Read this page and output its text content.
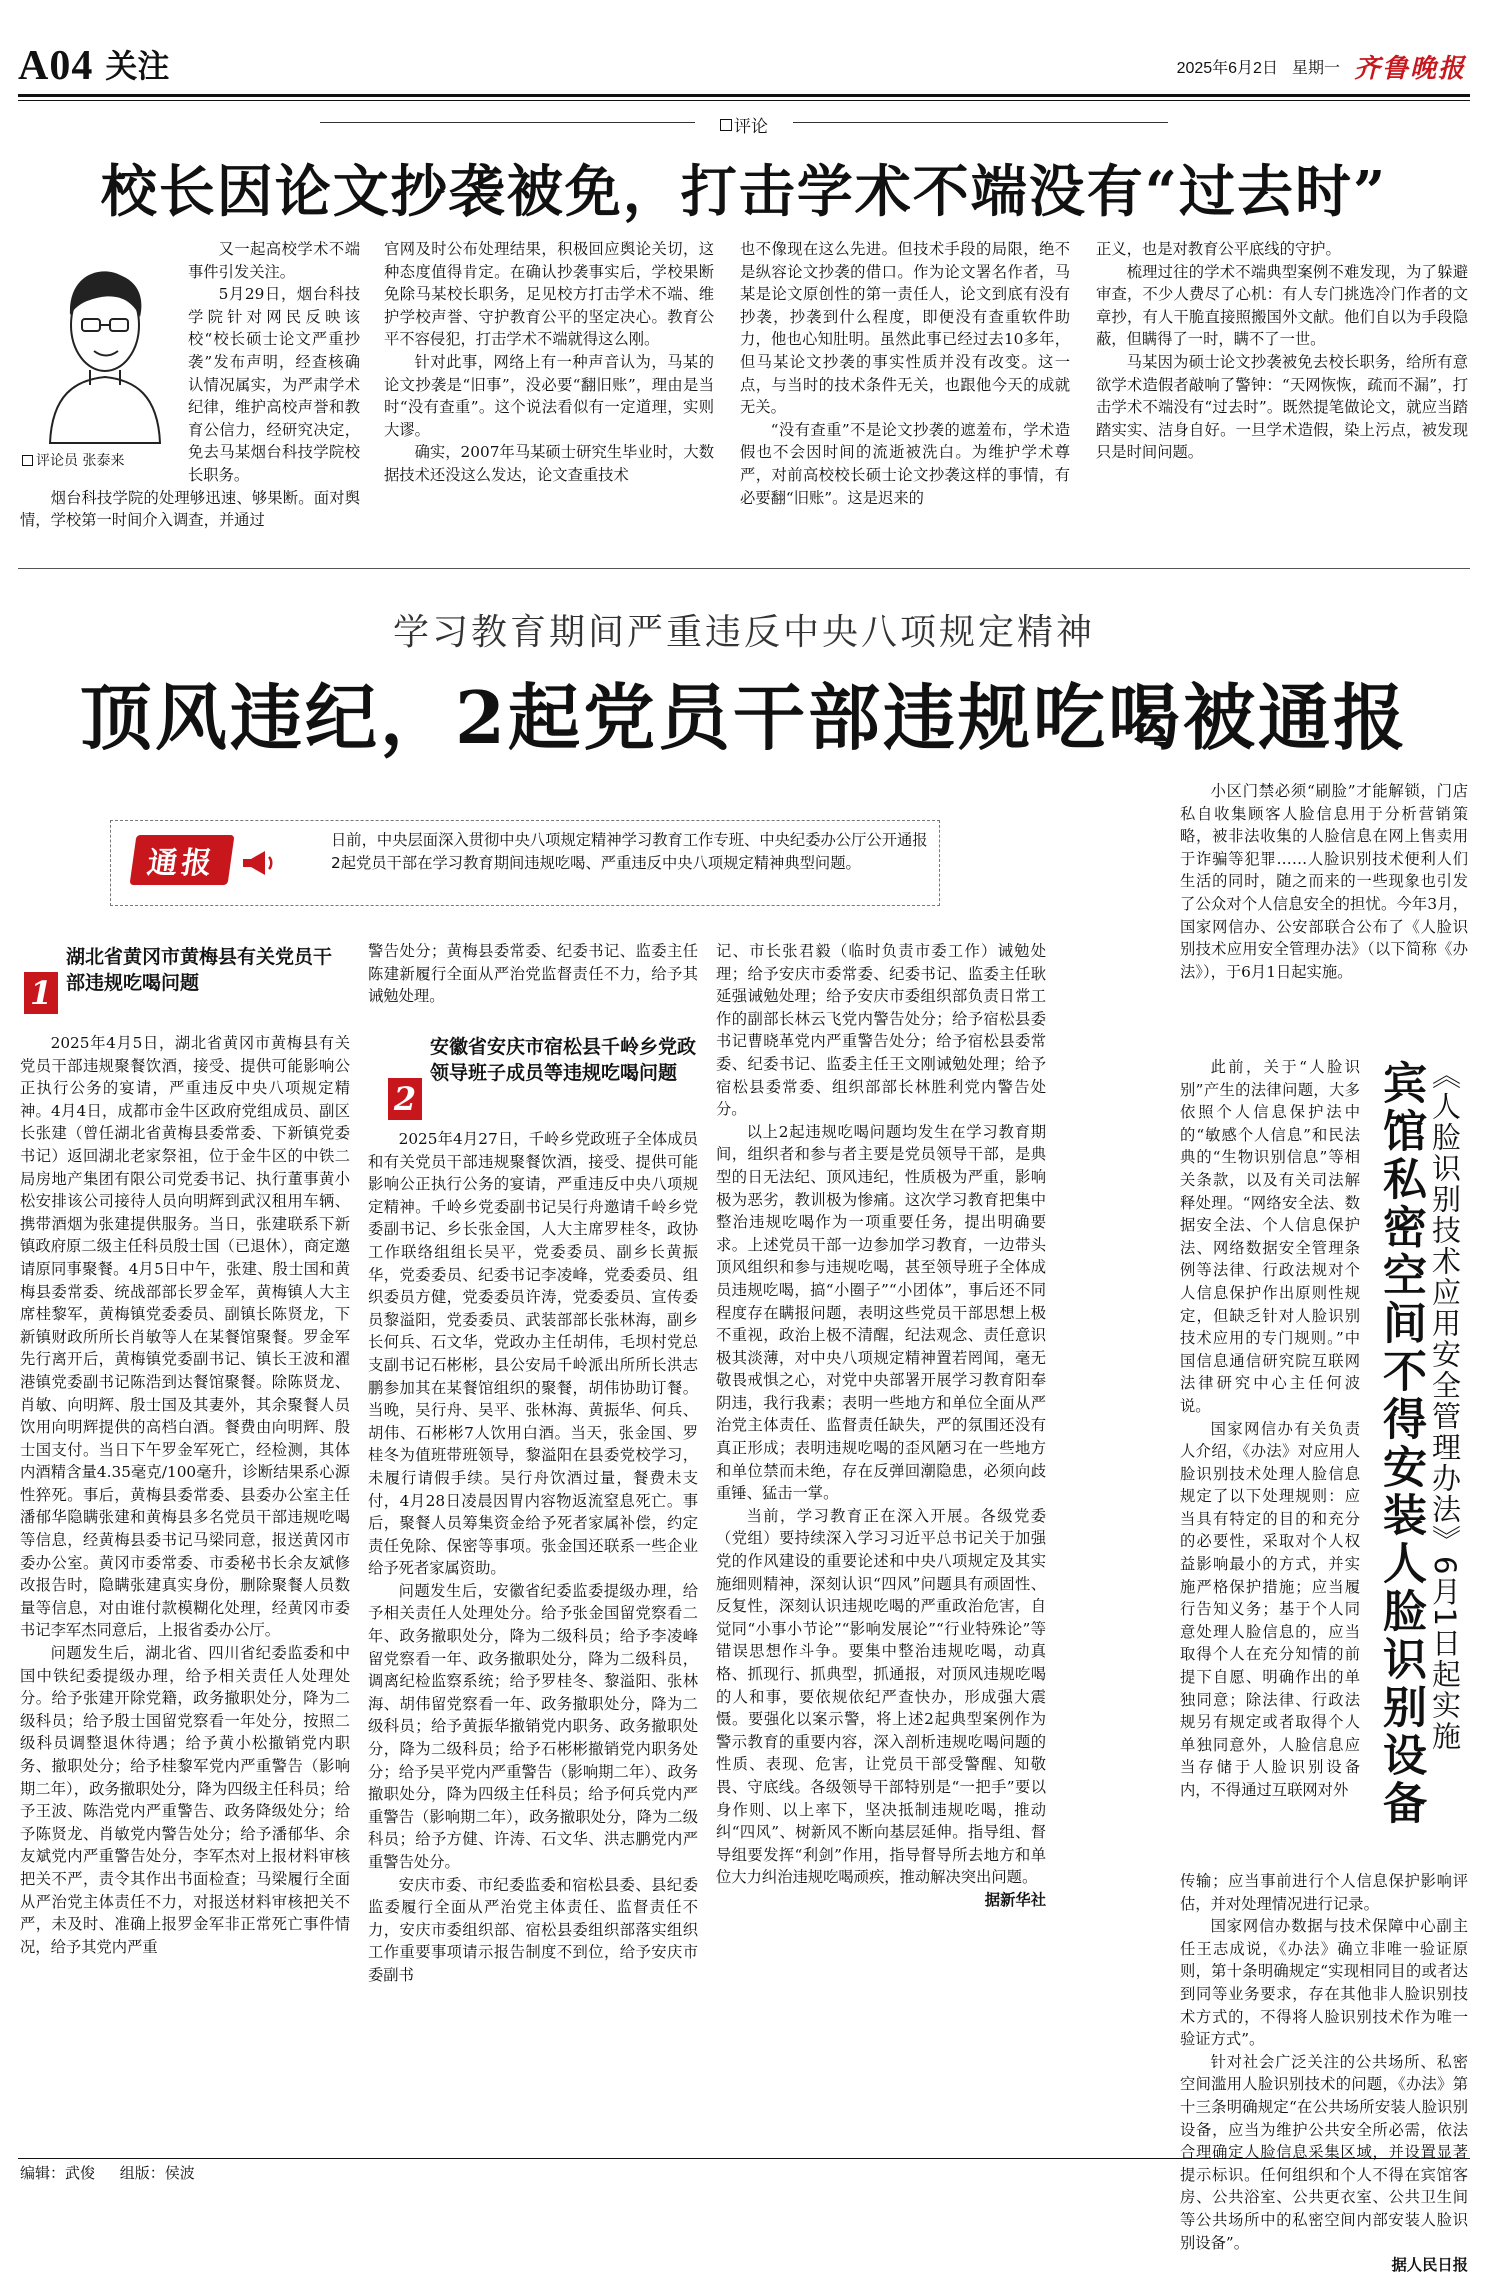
A04 关注	2025年6月2日 星期一 齐鲁晚报
评论
校长因论文抄袭被免，打击学术不端没有“过去时”
评论员 张泰来

又一起高校学术不端事件引发关注。

5月29日，烟台科技学院针对网民反映该校“校长硕士论文严重抄袭”发布声明，经查核确认情况属实，为严肃学术纪律，维护高校声誉和教育公信力，经研究决定，免去马某烟台科技学院校长职务。

烟台科技学院的处理够迅速、够果断。面对舆情，学校第一时间介入调查，并通过

官网及时公布处理结果，积极回应舆论关切，这种态度值得肯定。在确认抄袭事实后，学校果断免除马某校长职务，足见校方打击学术不端、维护学校声誉、守护教育公平的坚定决心。教育公平不容侵犯，打击学术不端就得这么刚。

针对此事，网络上有一种声音认为，马某的论文抄袭是“旧事”，没必要“翻旧账”，理由是当时“没有查重”。这个说法看似有一定道理，实则大谬。

确实，2007年马某硕士研究生毕业时，大数据技术还没这么发达，论文查重技术

也不像现在这么先进。但技术手段的局限，绝不是纵容论文抄袭的借口。作为论文署名作者，马某是论文原创性的第一责任人，论文到底有没有抄袭，抄袭到什么程度，即便没有查重软件助力，他也心知肚明。虽然此事已经过去10多年，但马某论文抄袭的事实性质并没有改变。这一点，与当时的技术条件无关，也跟他今天的成就无关。

“没有查重”不是论文抄袭的遮羞布，学术造假也不会因时间的流逝被洗白。为维护学术尊严，对前高校校长硕士论文抄袭这样的事情，有必要翻“旧账”。这是迟来的

正义，也是对教育公平底线的守护。

梳理过往的学术不端典型案例不难发现，为了躲避审查，不少人费尽了心机：有人专门挑选冷门作者的文章抄，有人干脆直接照搬国外文献。他们自以为手段隐蔽，但瞒得了一时，瞒不了一世。

马某因为硕士论文抄袭被免去校长职务，给所有意欲学术造假者敲响了警钟：“天网恢恢，疏而不漏”，打击学术不端没有“过去时”。既然提笔做论文，就应当踏踏实实、洁身自好。一旦学术造假，染上污点，被发现只是时间问题。

学习教育期间严重违反中央八项规定精神
顶风违纪，2起党员干部违规吃喝被通报
通报
日前，中央层面深入贯彻中央八项规定精神学习教育工作专班、中央纪委办公厅公开通报2起党员干部在学习教育期间违规吃喝、严重违反中央八项规定精神典型问题。
1
湖北省黄冈市黄梅县有关党员干部违规吃喝问题

2025年4月5日，湖北省黄冈市黄梅县有关党员干部违规聚餐饮酒，接受、提供可能影响公正执行公务的宴请，严重违反中央八项规定精神。4月4日，成都市金牛区政府党组成员、副区长张建（曾任湖北省黄梅县委常委、下新镇党委书记）返回湖北老家祭祖，位于金牛区的中铁二局房地产集团有限公司党委书记、执行董事黄小松安排该公司接待人员向明辉到武汉租用车辆、携带酒烟为张建提供服务。当日，张建联系下新镇政府原二级主任科员殷士国（已退休），商定邀请原同事聚餐。4月5日中午，张建、殷士国和黄梅县委常委、统战部部长罗金军，黄梅镇人大主席桂黎军，黄梅镇党委委员、副镇长陈贤龙，下新镇财政所所长肖敏等人在某餐馆聚餐。罗金军先行离开后，黄梅镇党委副书记、镇长王波和濯港镇党委副书记陈浩到达餐馆聚餐。除陈贤龙、肖敏、向明辉、殷士国及其妻外，其余聚餐人员饮用向明辉提供的高档白酒。餐费由向明辉、殷士国支付。当日下午罗金军死亡，经检测，其体内酒精含量4.35毫克/100毫升，诊断结果系心源性猝死。事后，黄梅县委常委、县委办公室主任潘郁华隐瞒张建和黄梅县多名党员干部违规吃喝等信息，经黄梅县委书记马梁同意，报送黄冈市委办公室。黄冈市委常委、市委秘书长余友斌修改报告时，隐瞒张建真实身份，删除聚餐人员数量等信息，对由谁付款模糊化处理，经黄冈市委书记李军杰同意后，上报省委办公厅。

问题发生后，湖北省、四川省纪委监委和中国中铁纪委提级办理，给予相关责任人处理处分。给予张建开除党籍，政务撤职处分，降为二级科员；给予殷士国留党察看一年处分，按照二级科员调整退休待遇；给予黄小松撤销党内职务、撤职处分；给予桂黎军党内严重警告（影响期二年），政务撤职处分，降为四级主任科员；给予王波、陈浩党内严重警告、政务降级处分；给予陈贤龙、肖敏党内警告处分；给予潘郁华、余友斌党内严重警告处分，李军杰对上报材料审核把关不严，责令其作出书面检查；马梁履行全面从严治党主体责任不力，对报送材料审核把关不严，未及时、准确上报罗金军非正常死亡事件情况，给予其党内严重

警告处分；黄梅县委常委、纪委书记、监委主任陈建新履行全面从严治党监督责任不力，给予其诫勉处理。

2
安徽省安庆市宿松县千岭乡党政领导班子成员等违规吃喝问题

2025年4月27日，千岭乡党政班子全体成员和有关党员干部违规聚餐饮酒，接受、提供可能影响公正执行公务的宴请，严重违反中央八项规定精神。千岭乡党委副书记吴行舟邀请千岭乡党委副书记、乡长张金国，人大主席罗桂冬，政协工作联络组组长吴平，党委委员、副乡长黄振华，党委委员、纪委书记李凌峰，党委委员、组织委员方健，党委委员许涛，党委委员、宣传委员黎溢阳，党委委员、武装部部长张林海，副乡长何兵、石文华，党政办主任胡伟，毛坝村党总支副书记石彬彬，县公安局千岭派出所所长洪志鹏参加其在某餐馆组织的聚餐，胡伟协助订餐。当晚，吴行舟、吴平、张林海、黄振华、何兵、胡伟、石彬彬7人饮用白酒。当天，张金国、罗桂冬为值班带班领导，黎溢阳在县委党校学习，未履行请假手续。吴行舟饮酒过量，餐费未支付，4月28日凌晨因胃内容物返流窒息死亡。事后，聚餐人员筹集资金给予死者家属补偿，约定责任免除、保密等事项。张金国还联系一些企业给予死者家属资助。

问题发生后，安徽省纪委监委提级办理，给予相关责任人处理处分。给予张金国留党察看二年、政务撤职处分，降为二级科员；给予李凌峰留党察看一年、政务撤职处分，降为二级科员，调离纪检监察系统；给予罗桂冬、黎溢阳、张林海、胡伟留党察看一年、政务撤职处分，降为二级科员；给予黄振华撤销党内职务、政务撤职处分，降为二级科员；给予石彬彬撤销党内职务处分；给予吴平党内严重警告（影响期二年）、政务撤职处分，降为四级主任科员；给予何兵党内严重警告（影响期二年），政务撤职处分，降为二级科员；给予方健、许涛、石文华、洪志鹏党内严重警告处分。

安庆市委、市纪委监委和宿松县委、县纪委监委履行全面从严治党主体责任、监督责任不力，安庆市委组织部、宿松县委组织部落实组织工作重要事项请示报告制度不到位，给予安庆市委副书

记、市长张君毅（临时负责市委工作）诫勉处理；给予安庆市委常委、纪委书记、监委主任耿延强诫勉处理；给予安庆市委组织部负责日常工作的副部长林云飞党内警告处分；给予宿松县委书记曹晓革党内严重警告处分；给予宿松县委常委、纪委书记、监委主任王文刚诫勉处理；给予宿松县委常委、组织部部长林胜利党内警告处分。

以上2起违规吃喝问题均发生在学习教育期间，组织者和参与者主要是党员领导干部，是典型的日无法纪、顶风违纪，性质极为严重，影响极为恶劣，教训极为惨痛。这次学习教育把集中整治违规吃喝作为一项重要任务，提出明确要求。上述党员干部一边参加学习教育，一边带头顶风组织和参与违规吃喝，甚至领导班子全体成员违规吃喝，搞“小圈子”“小团体”，事后还不同程度存在瞒报问题，表明这些党员干部思想上极不重视，政治上极不清醒，纪法观念、责任意识极其淡薄，对中央八项规定精神置若罔闻，毫无敬畏戒惧之心，对党中央部署开展学习教育阳奉阴违，我行我素；表明一些地方和单位全面从严治党主体责任、监督责任缺失，严的氛围还没有真正形成；表明违规吃喝的歪风陋习在一些地方和单位禁而未绝，存在反弹回潮隐患，必须向歧重锤、猛击一掌。

当前，学习教育正在深入开展。各级党委（党组）要持续深入学习习近平总书记关于加强党的作风建设的重要论述和中央八项规定及其实施细则精神，深刻认识“四风”问题具有顽固性、反复性，深刻认识违规吃喝的严重政治危害，自觉同“小事小节论”“影响发展论”“行业特殊论”等错误思想作斗争。要集中整治违规吃喝，动真格、抓现行、抓典型，抓通报，对顶风违规吃喝的人和事，要依规依纪严查快办，形成强大震慑。要强化以案示警，将上述2起典型案例作为警示教育的重要内容，深入剖析违规吃喝问题的性质、表现、危害，让党员干部受警醒、知敬畏、守底线。各级领导干部特别是“一把手”要以身作则、以上率下，坚决抵制违规吃喝，推动纠“四风”、树新风不断向基层延伸。指导组、督导组要发挥“利剑”作用，指导督导所去地方和单位大力纠治违规吃喝顽疾，推动解决突出问题。

据新华社

小区门禁必须“刷脸”才能解锁，门店私自收集顾客人脸信息用于分析营销策略，被非法收集的人脸信息在网上售卖用于诈骗等犯罪……人脸识别技术便利人们生活的同时，随之而来的一些现象也引发了公众对个人信息安全的担忧。今年3月，国家网信办、公安部联合公布了《人脸识别技术应用安全管理办法》（以下简称《办法》），于6月1日起实施。

此前，关于“人脸识别”产生的法律问题，大多依照个人信息保护法中的“敏感个人信息”和民法典的“生物识别信息”等相关条款，以及有关司法解释处理。“网络安全法、数据安全法、个人信息保护法、网络数据安全管理条例等法律、行政法规对个人信息保护作出原则性规定，但缺乏针对人脸识别技术应用的专门规则。”中国信息通信研究院互联网法律研究中心主任何波说。

国家网信办有关负责人介绍，《办法》对应用人脸识别技术处理人脸信息规定了以下处理规则：应当具有特定的目的和充分的必要性，采取对个人权益影响最小的方式，并实施严格保护措施；应当履行告知义务；基于个人同意处理人脸信息的，应当取得个人在充分知情的前提下自愿、明确作出的单独同意；除法律、行政法规另有规定或者取得个人单独同意外，人脸信息应当存储于人脸识别设备内，不得通过互联网对外 宾馆私密空间不得安装人脸识别设备 《人脸识别技术应用安全管理办法》6月1日起实施

传输；应当事前进行个人信息保护影响评估，并对处理情况进行记录。

国家网信办数据与技术保障中心副主任王志成说，《办法》确立非唯一验证原则，第十条明确规定“实现相同目的或者达到同等业务要求，存在其他非人脸识别技术方式的，不得将人脸识别技术作为唯一验证方式”。

针对社会广泛关注的公共场所、私密空间滥用人脸识别技术的问题，《办法》第十三条明确规定“在公共场所安装人脸识别设备，应当为维护公共安全所必需，依法合理确定人脸信息采集区域，并设置显著提示标识。任何组织和个人不得在宾馆客房、公共浴室、公共更衣室、公共卫生间等公共场所中的私密空间内部安装人脸识别设备”。

据人民日报

编辑：武俊 组版：侯波
